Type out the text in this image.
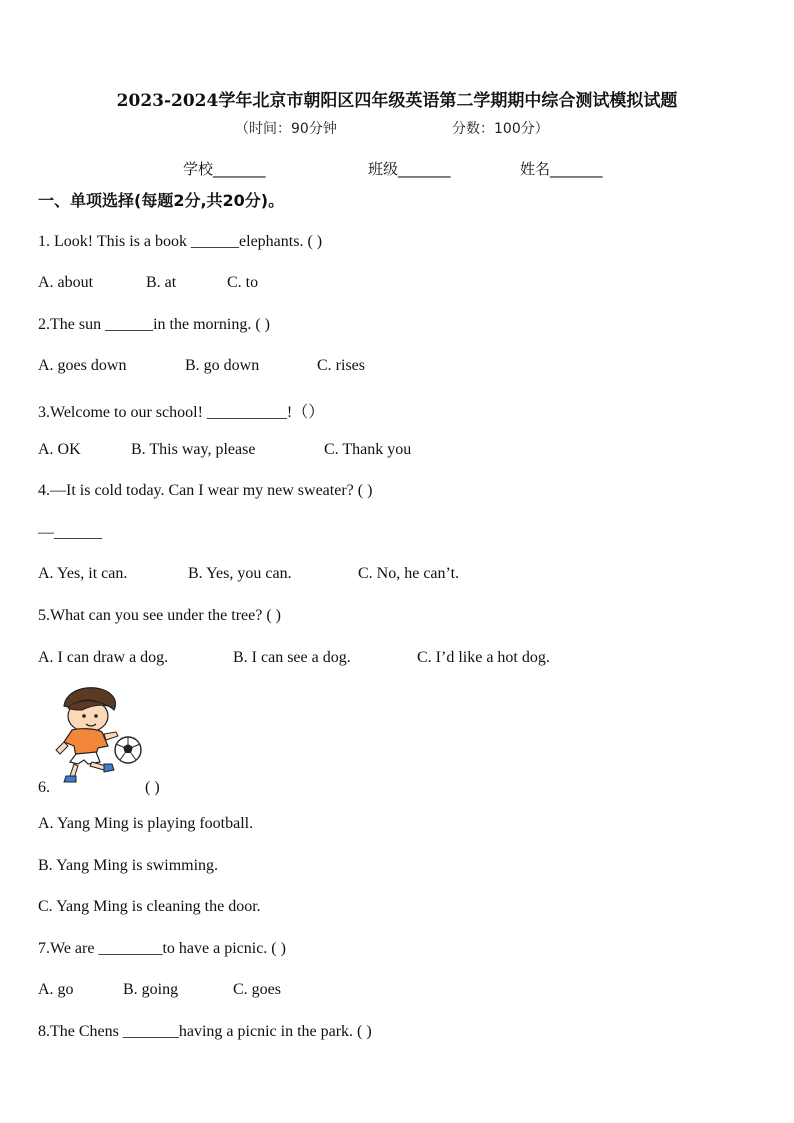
2023-2024学年北京市朝阳区四年级英语第二学期期中综合测试模拟试题
（时间：90分钟	分数：100分）
学校_______	班级_______	姓名_______
一、单项选择(每题2分,共20分)。
1. Look! This is a book ______elephants. ( )
A. about	B. at	C. to
2.The sun ______in the morning. ( )
A. goes down	B. go down	C. rises
3.Welcome to our school! __________!（）
A. OK	B. This way, please	C. Thank you
4.—It is cold today. Can I wear my new sweater? ( )
—______
A. Yes, it can.	B. Yes, you can.	C. No, he can’t.
5.What can you see under the tree? ( )
A. I can draw a dog.	B. I can see a dog.	C. I’d like a hot dog.
6.	( )
A. Yang Ming is playing football.
B. Yang Ming is swimming.
C. Yang Ming is cleaning the door.
7.We are ________to have a picnic. ( )
A. go	B. going	C. goes
8.The Chens _______having a picnic in the park. ( )
